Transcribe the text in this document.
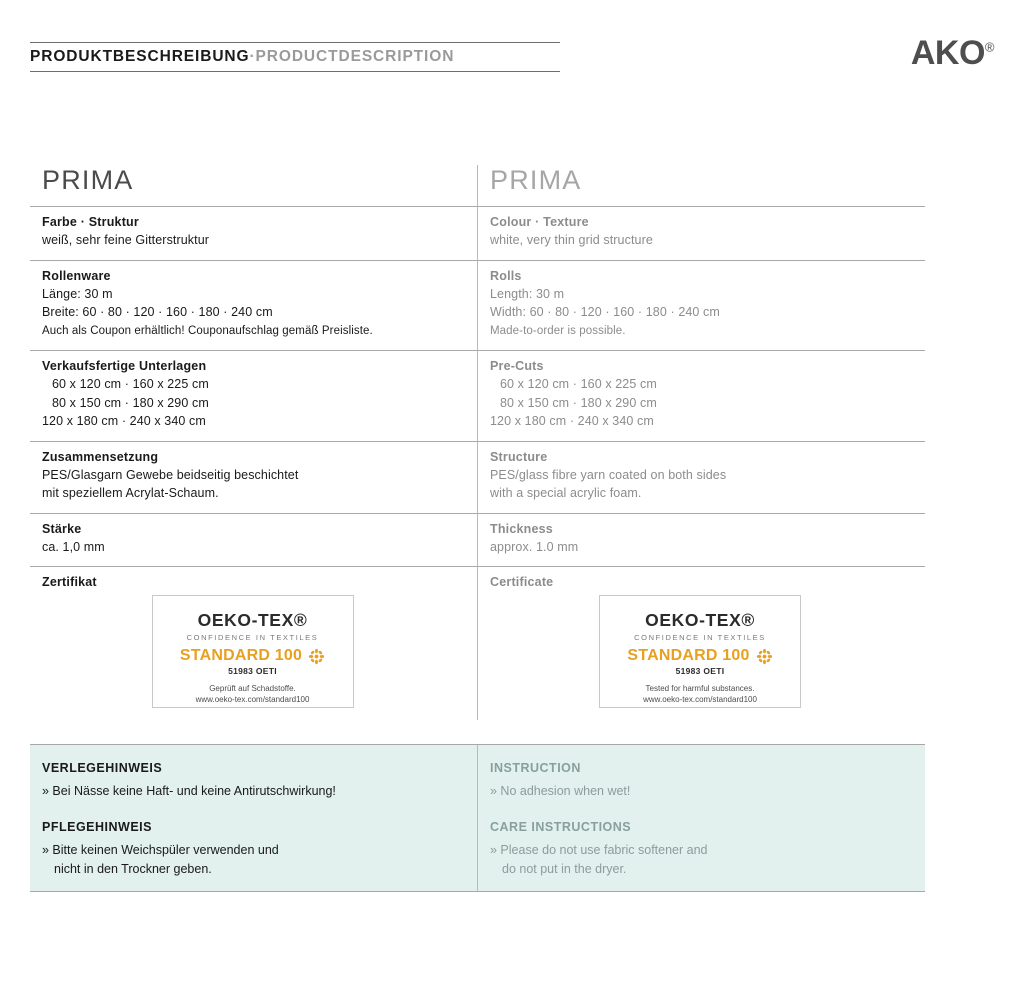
PRODUKTBESCHREIBUNG·PRODUCTDESCRIPTION	AKO®
PRIMA	PRIMA
Farbe · Struktur
weiß, sehr feine Gitterstruktur
Colour · Texture
white, very thin grid structure
Rollenware
Länge: 30 m
Breite: 60 · 80 · 120 · 160 · 180 · 240 cm
Auch als Coupon erhältlich! Couponaufschlag gemäß Preisliste.
Rolls
Length: 30 m
Width: 60 · 80 · 120 · 160 · 180 · 240 cm
Made-to-order is possible.
Verkaufsfertige Unterlagen
60 x 120 cm · 160 x 225 cm
80 x 150 cm · 180 x 290 cm
120 x 180 cm · 240 x 340 cm
Pre-Cuts
60 x 120 cm · 160 x 225 cm
80 x 150 cm · 180 x 290 cm
120 x 180 cm · 240 x 340 cm
Zusammensetzung
PES/Glasgarn Gewebe beidseitig beschichtet
mit speziellem Acrylat-Schaum.
Structure
PES/glass fibre yarn coated on both sides
with a special acrylic foam.
Stärke
ca. 1,0 mm
Thickness
approx. 1.0 mm
Zertifikat
OEKO-TEX®
CONFIDENCE IN TEXTILES
STANDARD 100
51983 OETI
Geprüft auf Schadstoffe.
www.oeko-tex.com/standard100
Certificate
OEKO-TEX®
CONFIDENCE IN TEXTILES
STANDARD 100
51983 OETI
Tested for harmful substances.
www.oeko-tex.com/standard100
VERLEGEHINWEIS
» Bei Nässe keine Haft- und keine Antirutschwirkung!
PFLEGEHINWEIS
» Bitte keinen Weichspüler verwenden und
nicht in den Trockner geben.
INSTRUCTION
» No adhesion when wet!
CARE INSTRUCTIONS
» Please do not use fabric softener and
do not put in the dryer.
